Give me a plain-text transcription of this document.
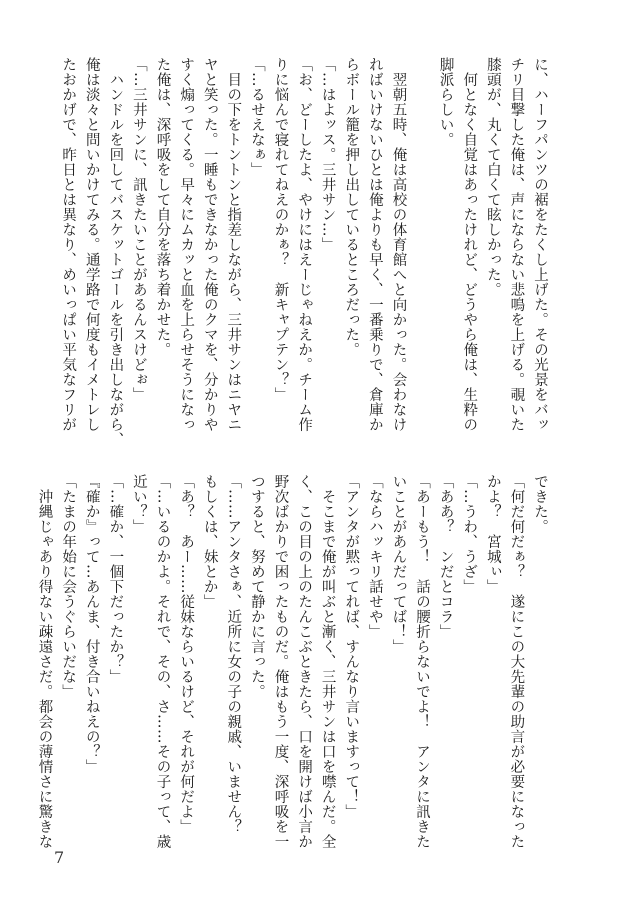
に、ハーフパンツの裾をたくし上げた。その光景をバッ
チリ目撃した俺は、声にならない悲鳴を上げる。覗いた
膝頭が、丸くて白くて眩しかった。
　何となく自覚はあったけれど、どうやら俺は、生粋の
脚派らしい。

　翌朝五時、俺は高校の体育館へと向かった。会わなけ
ればいけないひとは俺よりも早く、一番乗りで、倉庫か
らボール籠を押し出しているところだった。
「…はよッス。三井サン…」
「お、どーしたよ、やけにはえーじゃねえか。チーム作
りに悩んで寝れてねえのかぁ？　新キャプテン？」
「…るせえなぁ」
　目の下をトントンと指差しながら、三井サンはニヤニ
ヤと笑った。一睡もできなかった俺のクマを、分かりや
すく煽ってくる。早々にムカッと血を上らせそうになっ
た俺は、深呼吸をして自分を落ち着かせた。
「…三井サンに、訊きたいことがあるんスけどぉ」
　ハンドルを回してバスケットゴールを引き出しながら、
俺は淡々と問いかけてみる。通学路で何度もイメトレし
たおかげで、昨日とは異なり、めいっぱい平気なフリが
できた。
「何だ何だぁ？　遂にこの大先輩の助言が必要になった
かよ？　宮城ぃ」
「…うわ、うざ」
「ああ？　ンだとコラ」
「あーもう！　話の腰折らないでよ！　アンタに訊きた
いことがあんだってば！」
「ならハッキリ話せや」
「アンタが黙ってれば、すんなり言いますって！」
　そこまで俺が叫ぶと漸く、三井サンは口を噤んだ。全
く、この目の上のたんこぶときたら、口を開けば小言か
野次ばかりで困ったものだ。俺はもう一度、深呼吸を一
つすると、努めて静かに言った。
「……アンタさぁ、近所に女の子の親戚、いません？
もしくは、妹とか」
「あ？　あー……従妹ならいるけど、それが何だよ」
「…いるのかよ。それで、その、さ……その子って、歳
近い？」
「…確か、一個下だったか？」
『確か』って…あんま、付き合いねえの？」
「たまの年始に会うぐらいだな」
　沖縄じゃあり得ない疎遠さだ。都会の薄情さに驚きな
7
